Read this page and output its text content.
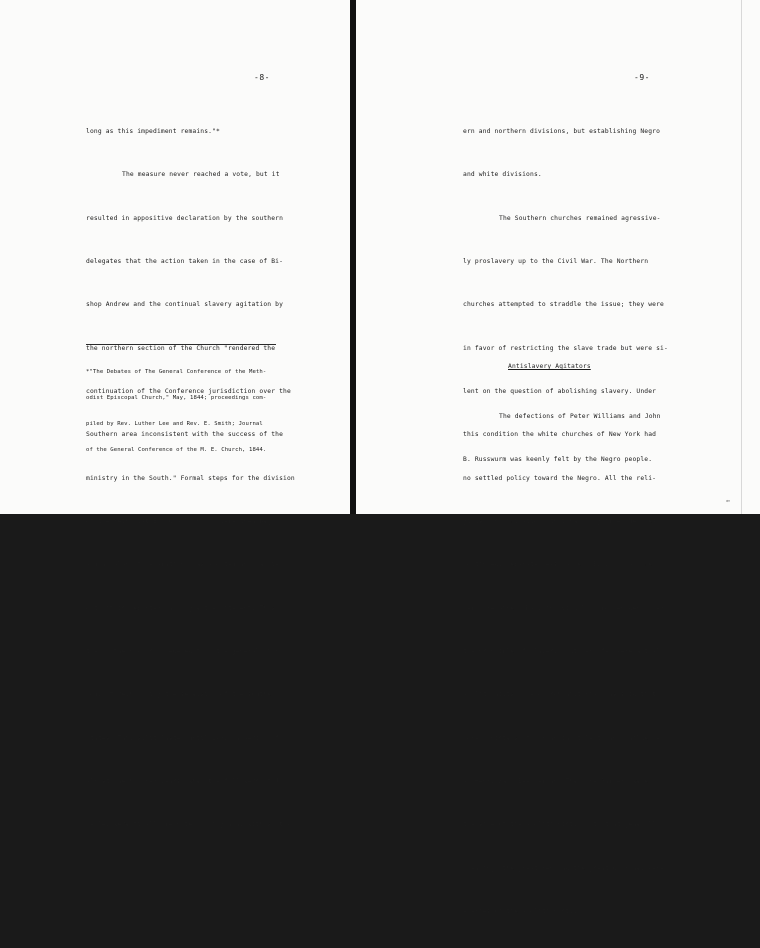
-8-

long as this impediment remains."*

The measure never reached a vote, but it

resulted in appositive declaration by the southern

delegates that the action taken in the case of Bi-

shop Andrew and the continual slavery agitation by

the northern section of the Church "rendered the

continuation of the Conference jurisdiction over the

Southern area inconsistent with the success of the

ministry in the South." Formal steps for the division

of the Methodist Episcopal church were then begun,

and a "plan of Separation" was adopted and carried

out, it is reported, amid great excitement. Thus,

the Southern church seceded from the general church

body, foreshadowing the secession of the southern

states. This split lasted until 1939, a period of

almost one hundred years, when the followers of John

Wesley were finally reunited, doing away with south-

*"The Debates of The General Conference of the Meth-

odist Episcopal Church," May, 1844; proceedings com-

piled by Rev. Luther Lee and Rev. E. Smith; Journal

of the General Conference of the M. E. Church, 1844.

-9-

ern and northern divisions, but establishing Negro

and white divisions.

The Southern churches remained agressive-

ly proslavery up to the Civil War. The Northern

churches attempted to straddle the issue; they were

in favor of restricting the slave trade but were si-

lent on the question of abolishing slavery. Under

this condition the white churches of New York had

no settled policy toward the Negro. All the reli-

gious discriminations that had long irked Negroes

continued. Separate pews marked "B.M." (black mem-

bers) remained. Many individual churchmen denounced

the principle of slavery, but very few were actual

abolitionists. One church historian has said that

some ministers of commanding talents and influence,

as Henry Ward Beecher and Theodore Parker, were on

the side of the abolitionists, but, that generally

speaking, the great men and the great churches were

enemies of the abolitionists.

Antislavery Agitators

The defections of Peter Williams and John

B. Russwurm was keenly felt by the Negro people.

⇐
